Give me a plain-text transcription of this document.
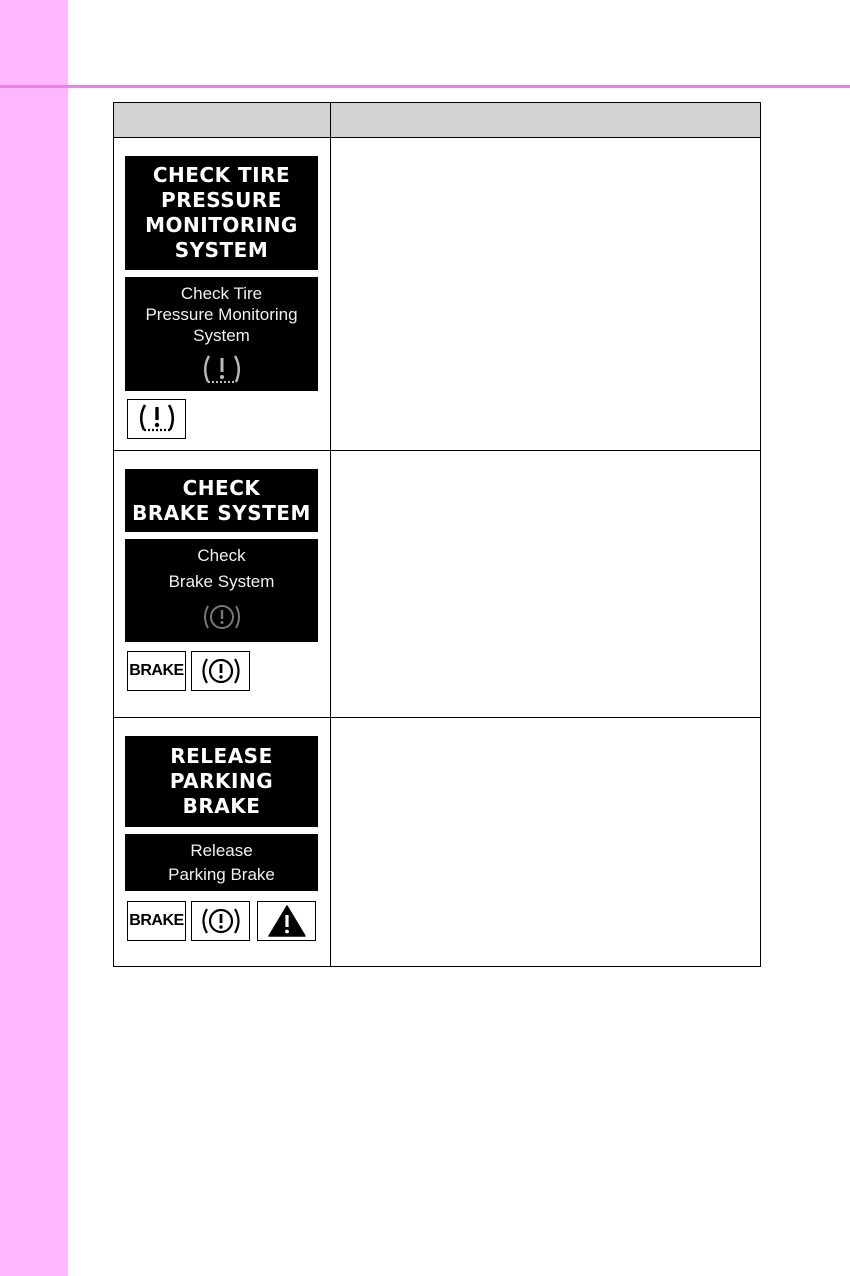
CHECK TIRE
PRESSURE
MONITORING
SYSTEM
Check Tire
Pressure Monitoring
System
CHECK
BRAKE SYSTEM
Check
Brake System
BRAKE
RELEASE
PARKING
BRAKE
Release
Parking Brake
BRAKE
